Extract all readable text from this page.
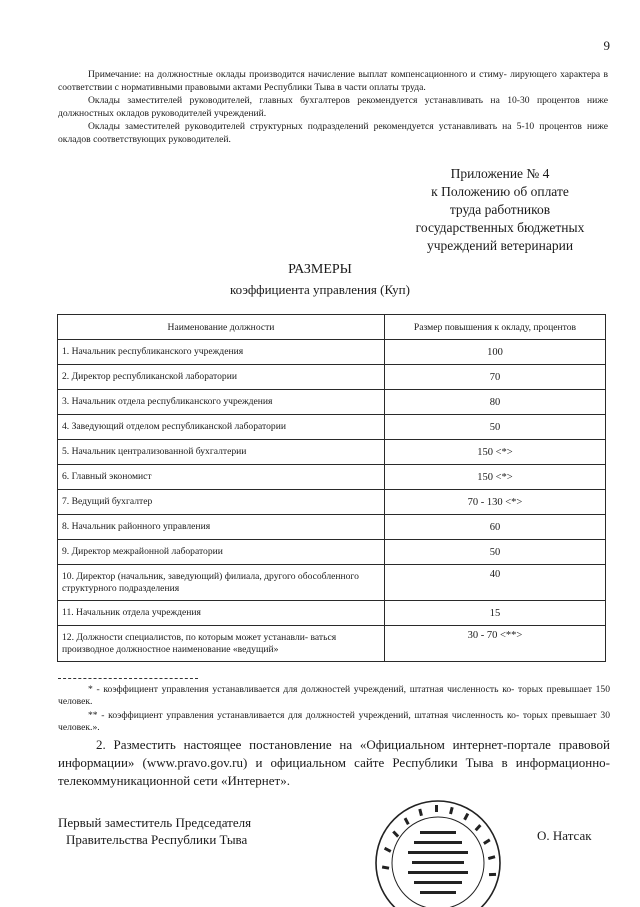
9

Примечание: на должностные оклады производится начисление выплат компенсационного и стиму- лирующего характера в соответствии с нормативными правовыми актами Республики Тыва в части оплаты труда.

Оклады заместителей руководителей, главных бухгалтеров рекомендуется устанавливать на 10-30 процентов ниже должностных окладов руководителей учреждений.

Оклады заместителей руководителей структурных подразделений рекомендуется устанавливать на 5-10 процентов ниже окладов соответствующих руководителей.

Приложение № 4
к Положению об оплате
труда работников
государственных бюджетных
учреждений ветеринарии
РАЗМЕРЫ
коэффициента управления (Куп)
Наименование должности	Размер повышения к окладу, процентов
1. Начальник республиканского учреждения	100
2. Директор республиканской лаборатории	70
3. Начальник отдела республиканского учреждения	80
4. Заведующий отделом республиканской лаборатории	50
5. Начальник централизованной бухгалтерии	150 <*>
6. Главный экономист	150 <*>
7. Ведущий бухгалтер	70 - 130 <*>
8. Начальник районного управления	60
9. Директор межрайонной лаборатории	50
10. Директор (начальник, заведующий) филиала, другого обособленного структурного подразделения	40
11. Начальник отдела учреждения	15
12. Должности специалистов, по которым может устанавли- ваться производное должностное наименование «ведущий»	30 - 70 <**>
* - коэффициент управления устанавливается для должностей учреждений, штатная численность ко- торых превышает 150 человек.
** - коэффициент управления устанавливается для должностей учреждений, штатная численность ко- торых превышает 30 человек.».

2. Разместить настоящее постановление на «Официальном интернет-портале правовой информации» (www.pravo.gov.ru) и официальном сайте Республики Тыва в информационно-телекоммуникационной сети «Интернет».

Первый заместитель Председателя
Правительства Республики Тыва	О. Натсак
